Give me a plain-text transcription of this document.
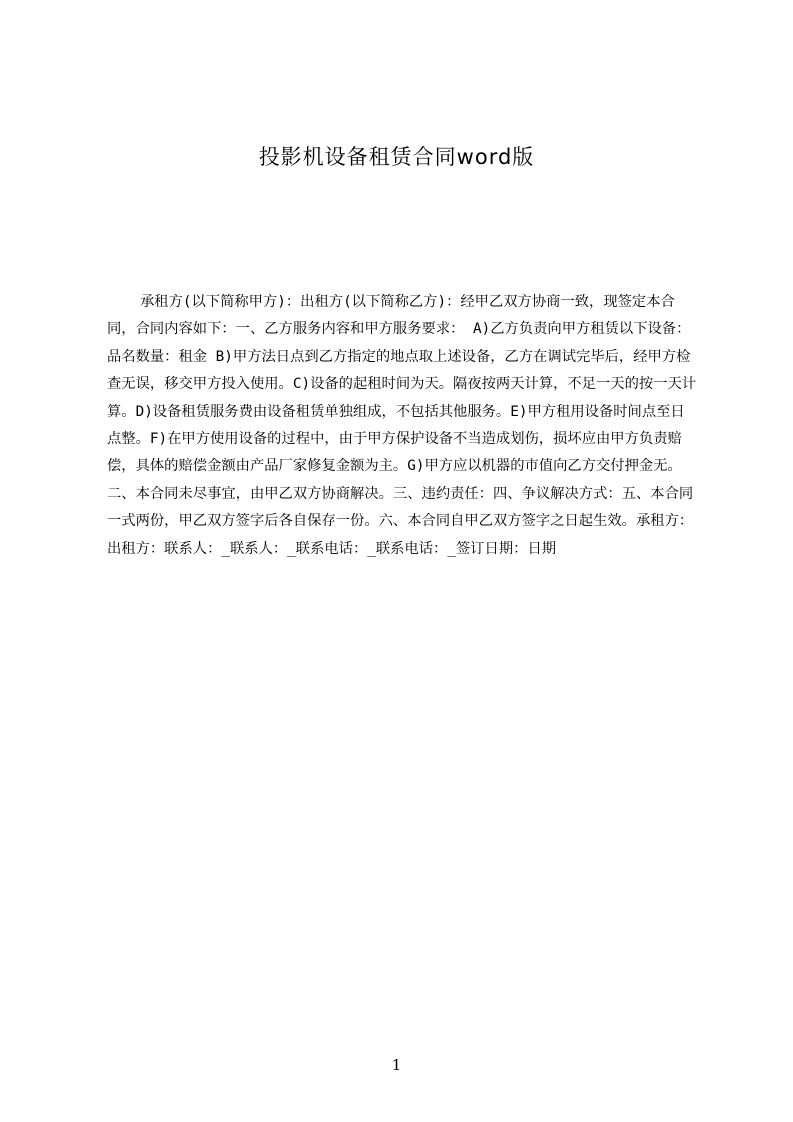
投影机设备租赁合同word版

承租方(以下简称甲方)：出租方(以下简称乙方)：经甲乙双方协商一致，现签定本合同，合同内容如下：一、乙方服务内容和甲方服务要求： A)乙方负责向甲方租赁以下设备：品名数量：租金 B)甲方法日点到乙方指定的地点取上述设备，乙方在调试完毕后，经甲方检查无误，移交甲方投入使用。C)设备的起租时间为天。隔夜按两天计算，不足一天的按一天计算。D)设备租赁服务费由设备租赁单独组成，不包括其他服务。E)甲方租用设备时间点至日点整。F)在甲方使用设备的过程中，由于甲方保护设备不当造成划伤，损坏应由甲方负责赔偿，具体的赔偿金额由产品厂家修复金额为主。G)甲方应以机器的市值向乙方交付押金无。二、本合同未尽事宜，由甲乙双方协商解决。三、违约责任：四、争议解决方式：五、本合同一式两份，甲乙双方签字后各自保存一份。六、本合同自甲乙双方签字之日起生效。承租方：出租方：联系人：_联系人：_联系电话：_联系电话：_签订日期：日期

1
